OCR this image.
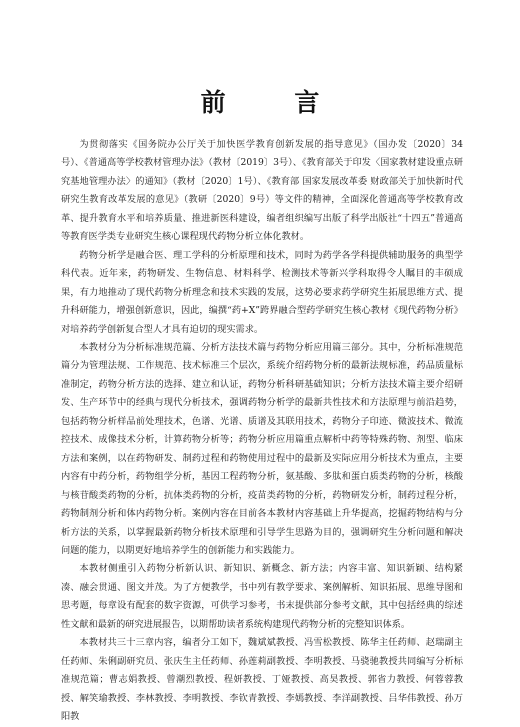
前 言

为贯彻落实《国务院办公厅关于加快医学教育创新发展的指导意见》（国办发〔2020〕34号）、《普通高等学校教材管理办法》（教材〔2019〕3号）、《教育部关于印发〈国家教材建设重点研究基地管理办法〉的通知》（教材〔2020〕1号）、《教育部 国家发展改革委 财政部关于加快新时代研究生教育改革发展的意见》（教研〔2020〕9号）等文件的精神，全面深化普通高等学校教育改革、提升教育水平和培养质量、推进新医科建设，编者组织编写出版了科学出版社“十四五”普通高等教育医学类专业研究生核心课程现代药物分析立体化教材。

药物分析学是融合医、理工学科的分析原理和技术，同时为药学各学科提供辅助服务的典型学科代表。近年来，药物研发、生物信息、材料科学、检测技术等新兴学科取得令人瞩目的丰硕成果，有力地推动了现代药物分析理念和技术实践的发展，这势必要求药学研究生拓展思维方式、提升科研能力，增强创新意识，因此，编撰“药+X”跨界融合型药学研究生核心教材《现代药物分析》对培养药学创新复合型人才具有迫切的现实需求。

本教材分为分析标准规范篇、分析方法技术篇与药物分析应用篇三部分。其中，分析标准规范篇分为管理法规、工作规范、技术标准三个层次，系统介绍药物分析的最新法规标准，药品质量标准制定，药物分析方法的选择、建立和认证，药物分析科研基础知识；分析方法技术篇主要介绍研发、生产环节中的经典与现代分析技术，强调药物分析学的最新共性技术和方法原理与前沿趋势，包括药物分析样品前处理技术，色谱、光谱、质谱及其联用技术，药物分子印迹、微波技术、微流控技术、成像技术分析，计算药物分析等；药物分析应用篇重点解析中药等特殊药物、剂型、临床方法和案例，以在药物研发、制药过程和药物使用过程中的最新及实际应用分析技术为重点，主要内容有中药分析，药物组学分析，基因工程药物分析，氨基酸、多肽和蛋白质类药物的分析，核酸与核苷酸类药物的分析，抗体类药物的分析，疫苗类药物的分析，药物研发分析，制药过程分析，药物制剂分析和体内药物分析。案例内容在目前各本教材内容基础上升华提高，挖掘药物结构与分析方法的关系，以掌握最新药物分析技术原理和引导学生思路为目的，强调研究生分析问题和解决问题的能力，以期更好地培养学生的创新能力和实践能力。

本教材侧重引入药物分析新认识、新知识、新概念、新方法；内容丰富、知识新颖、结构紧凑、融会贯通、图文并茂。为了方便教学，书中列有教学要求、案例解析、知识拓展、思维导图和思考题，每章设有配套的数字资源，可供学习参考，书末提供部分参考文献，其中包括经典的综述性文献和最新的研究进展报告，以期帮助读者系统构建现代药物分析的完整知识体系。

本教材共三十三章内容，编者分工如下，魏斌斌教授、冯雪松教授、陈华主任药师、赵瑞副主任药师、朱俐副研究员、张庆生主任药师、孙莲莉副教授、李明教授、马骁驰教授共同编写分析标准规范篇；曹志娟教授、曾潮烈教授、程妍教授、丁娅教授、高昊教授、郭省力教授、何蓉蓉教授、解笑瑜教授、李林教授、李明教授、李钦青教授、李嫣教授、李洋副教授、吕华伟教授、孙万阳教
